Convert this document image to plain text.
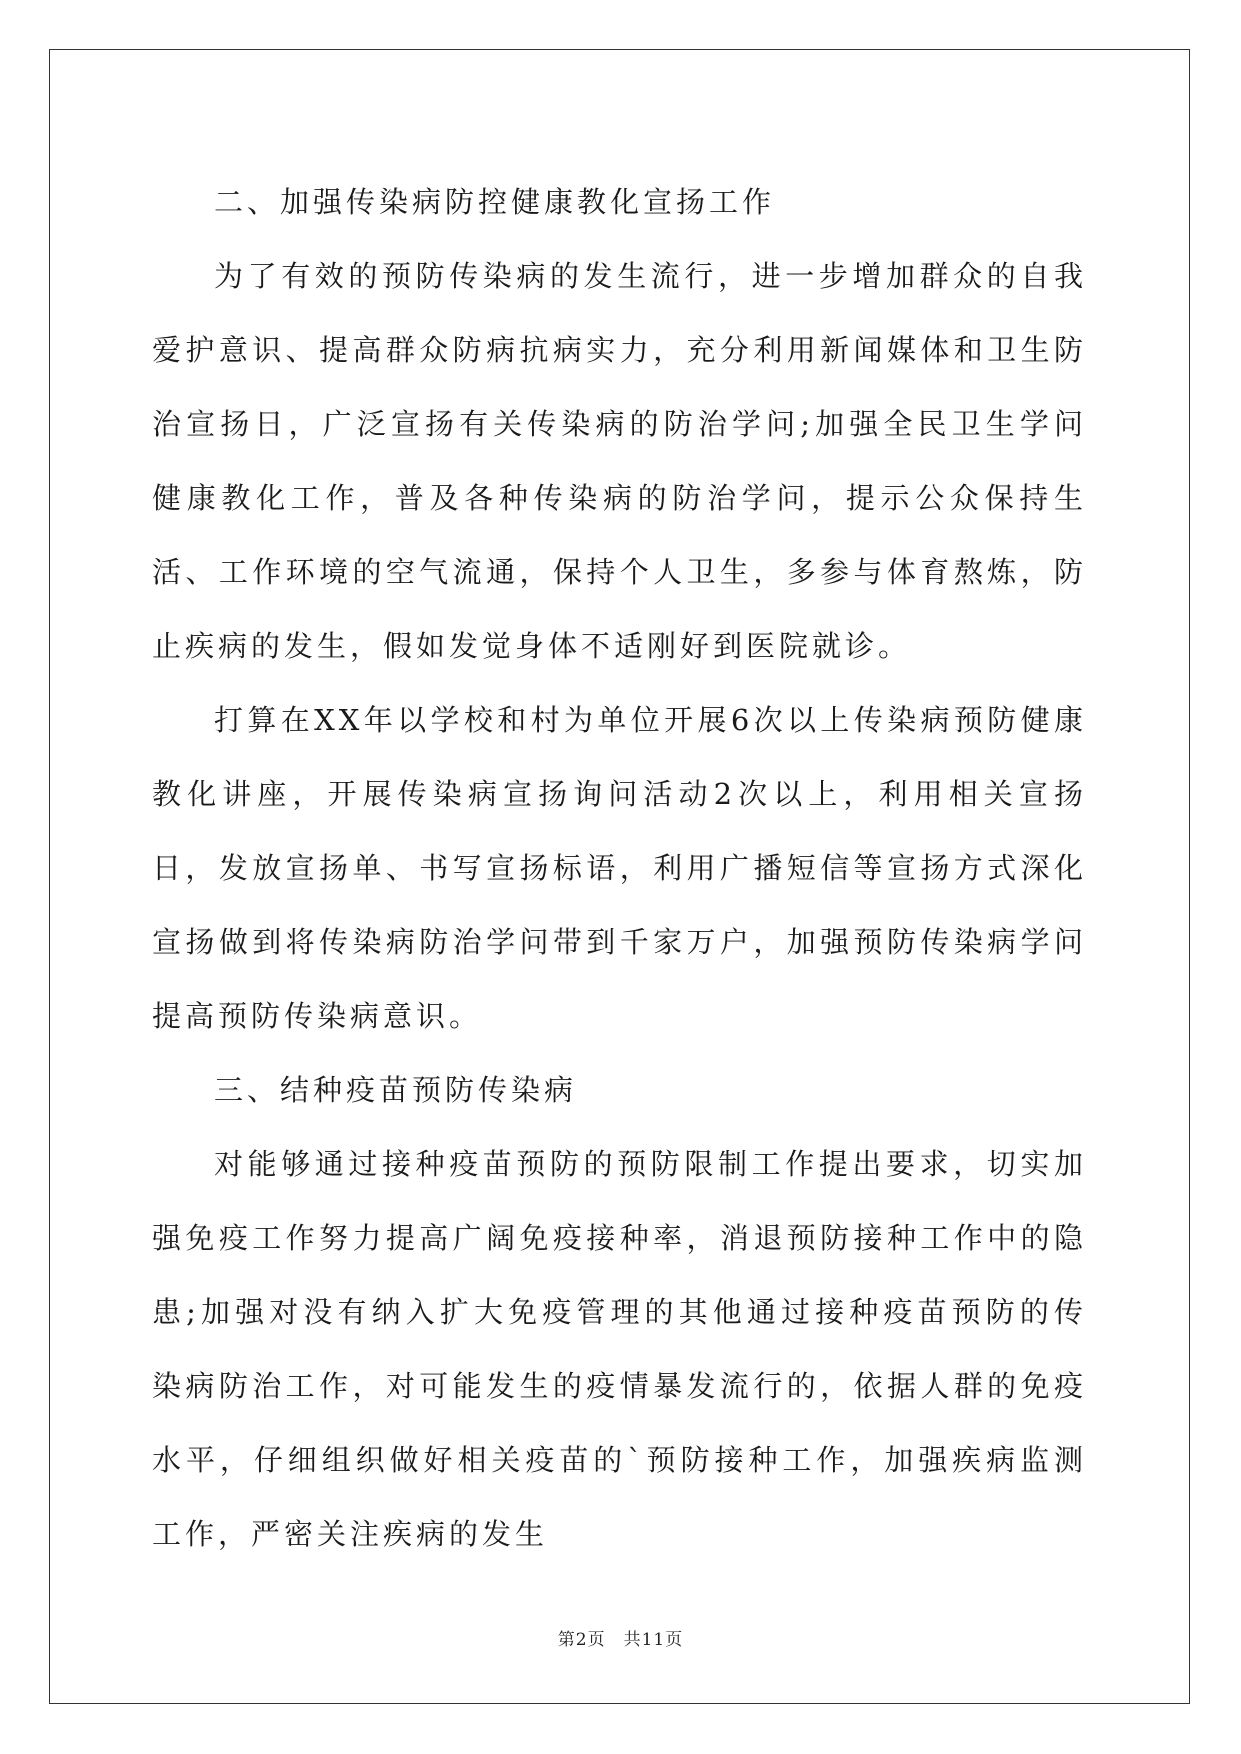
二、加强传染病防控健康教化宣扬工作

为了有效的预防传染病的发生流行，进一步增加群众的自我爱护意识、提高群众防病抗病实力，充分利用新闻媒体和卫生防治宣扬日，广泛宣扬有关传染病的防治学问;加强全民卫生学问健康教化工作，普及各种传染病的防治学问，提示公众保持生活、工作环境的空气流通，保持个人卫生，多参与体育熬炼，防止疾病的发生，假如发觉身体不适刚好到医院就诊。

打算在XX年以学校和村为单位开展6次以上传染病预防健康教化讲座，开展传染病宣扬询问活动2次以上，利用相关宣扬日，发放宣扬单、书写宣扬标语，利用广播短信等宣扬方式深化宣扬做到将传染病防治学问带到千家万户，加强预防传染病学问提高预防传染病意识。

三、结种疫苗预防传染病

对能够通过接种疫苗预防的预防限制工作提出要求，切实加强免疫工作努力提高广阔免疫接种率，消退预防接种工作中的隐患;加强对没有纳入扩大免疫管理的其他通过接种疫苗预防的传染病防治工作，对可能发生的疫情暴发流行的，依据人群的免疫水平，仔细组织做好相关疫苗的`预防接种工作，加强疾病监测工作，严密关注疾病的发生

第2页 共11页
